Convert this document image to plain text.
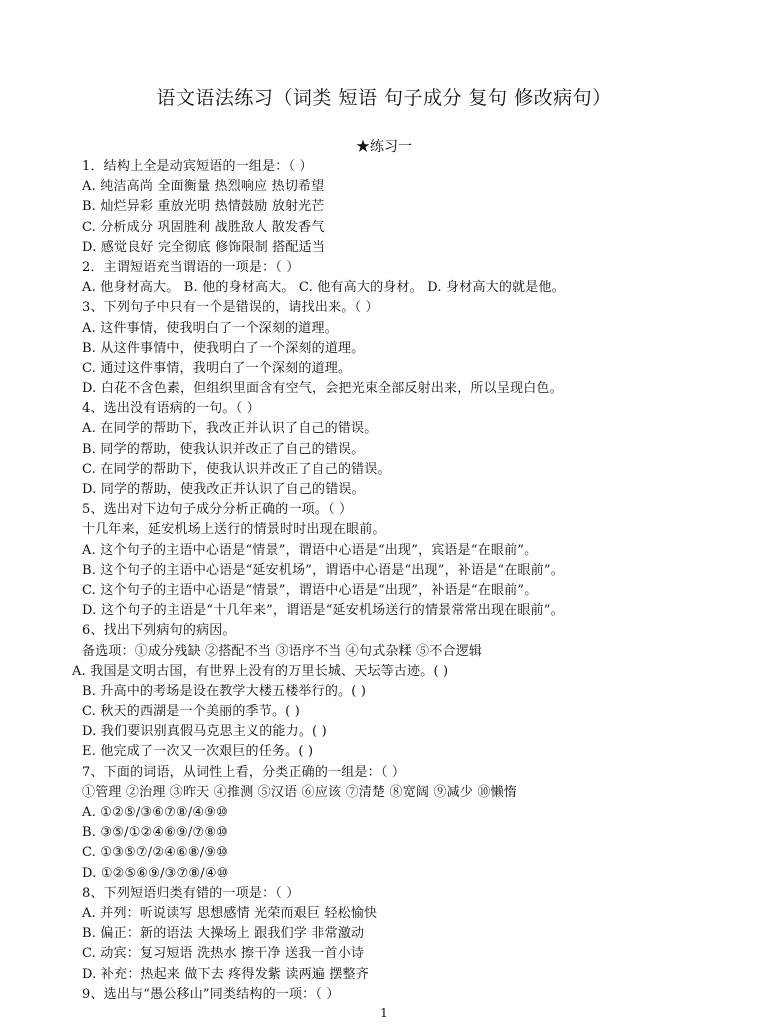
语文语法练习（词类 短语 句子成分 复句 修改病句）
★练习一
1．结构上全是动宾短语的一组是：（ ）
A. 纯洁高尚 全面衡量 热烈响应 热切希望
B. 灿烂异彩 重放光明 热情鼓励 放射光芒
C. 分析成分 巩固胜利 战胜敌人 散发香气
D. 感觉良好 完全彻底 修饰限制 搭配适当
2．主谓短语充当谓语的一项是：（ ）
A. 他身材高大。 B. 他的身材高大。 C. 他有高大的身材。 D. 身材高大的就是他。
3、下列句子中只有一个是错误的，请找出来。（ ）
A. 这件事情，使我明白了一个深刻的道理。
B. 从这件事情中，使我明白了一个深刻的道理。
C. 通过这件事情，我明白了一个深刻的道理。
D. 白花不含色素，但组织里面含有空气，会把光束全部反射出来，所以呈现白色。
4、选出没有语病的一句。（ ）
A. 在同学的帮助下，我改正并认识了自己的错误。
B. 同学的帮助，使我认识并改正了自己的错误。
C. 在同学的帮助下，使我认识并改正了自己的错误。
D. 同学的帮助，使我改正并认识了自己的错误。
5、选出对下边句子成分分析正确的一项。（ ）
十几年来，延安机场上送行的情景时时出现在眼前。
A. 这个句子的主语中心语是“情景”，谓语中心语是“出现”，宾语是“在眼前”。
B. 这个句子的主语中心语是“延安机场”，谓语中心语是“出现”，补语是“在眼前”。
C. 这个句子的主语中心语是“情景”，谓语中心语是“出现”，补语是“在眼前”。
D. 这个句子的主语是“十几年来”，谓语是“延安机场送行的情景常常出现在眼前”。
6、找出下列病句的病因。
备选项：①成分残缺 ②搭配不当 ③语序不当 ④句式杂糅 ⑤不合逻辑
A. 我国是文明古国，有世界上没有的万里长城、天坛等古迹。( )
B. 升高中的考场是设在教学大楼五楼举行的。( )
C. 秋天的西湖是一个美丽的季节。( )
D. 我们要识别真假马克思主义的能力。( )
E. 他完成了一次又一次艰巨的任务。( )
7、下面的词语，从词性上看，分类正确的一组是：（ ）
①管理 ②治理 ③昨天 ④推测 ⑤汉语 ⑥应该 ⑦清楚 ⑧宽阔 ⑨减少 ⑩懒惰
A. ①②⑤/③⑥⑦⑧/④⑨⑩
B. ③⑤/①②④⑥⑨/⑦⑧⑩
C. ①③⑤⑦/②④⑥⑧/⑨⑩
D. ①②⑤⑥⑨/③⑦⑧/④⑩
8、下列短语归类有错的一项是：（ ）
A. 并列：听说读写 思想感情 光荣而艰巨 轻松愉快
B. 偏正：新的语法 大操场上 跟我们学 非常激动
C. 动宾：复习短语 洗热水 擦干净 送我一首小诗
D. 补充：热起来 做下去 疼得发紫 读两遍 摆整齐
9、选出与“愚公移山”同类结构的一项：（ ）
1
